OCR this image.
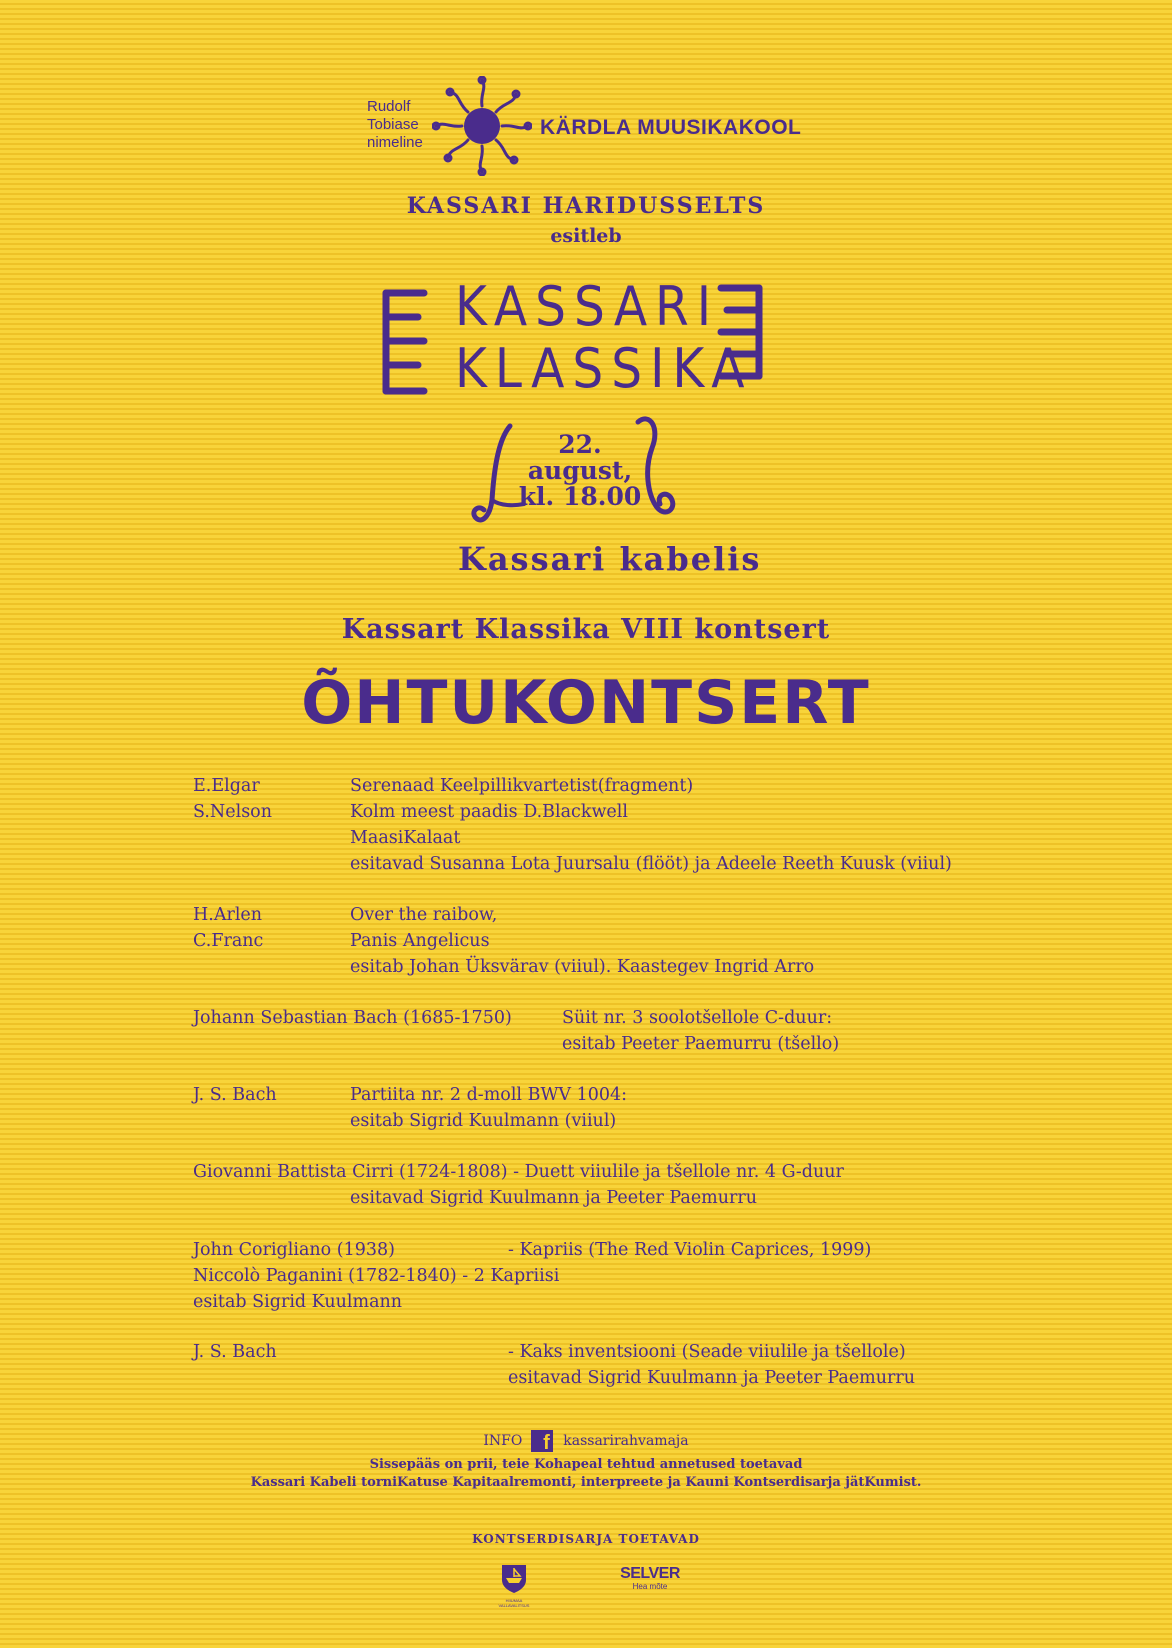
Rudolf
Tobiase
nimeline
KÄRDLA MUUSIKAKOOL
KASSARI HARIDUSSELTS
esitleb
KASSARI
KLASSIKA
22.
august,
kl. 18.00
Kassari kabelis
Kassart Klassika VIII kontsert
ÕHTUKONTSERT
E.Elgar	Serenaad Keelpillikvartetist(fragment)
S.Nelson	Kolm meest paadis D.Blackwell
MaasiKalaat
esitavad Susanna Lota Juursalu (flööt) ja Adeele Reeth Kuusk (viiul)
H.Arlen	Over the raibow,
C.Franc	Panis Angelicus
esitab Johan Üksvärav (viiul). Kaastegev Ingrid Arro
Johann Sebastian Bach (1685-1750)	Süit nr. 3 soolotšellole C-duur:
esitab Peeter Paemurru (tšello)
J. S. Bach	Partiita nr. 2 d-moll BWV 1004:
esitab Sigrid Kuulmann (viiul)
Giovanni Battista Cirri (1724-1808) - Duett viiulile ja tšellole nr. 4 G-duur
esitavad Sigrid Kuulmann ja Peeter Paemurru
John Corigliano (1938)	- Kapriis (The Red Violin Caprices, 1999)
Niccolò Paganini (1782-1840) - 2 Kapriisi
esitab Sigrid Kuulmann
J. S. Bach	- Kaks inventsiooni (Seade viiulile ja tšellole)
esitavad Sigrid Kuulmann ja Peeter Paemurru
INFO f kassarirahvamaja
Sissepääs on prii, teie Kohapeal tehtud annetused toetavad
Kassari Kabeli torniKatuse Kapitaalremonti, interpreete ja Kauni Kontserdisarja jätKumist.
KONTSERDISARJA TOETAVAD
HIIUMAA VALLAVALITSUS
SELVER
Hea mõte
